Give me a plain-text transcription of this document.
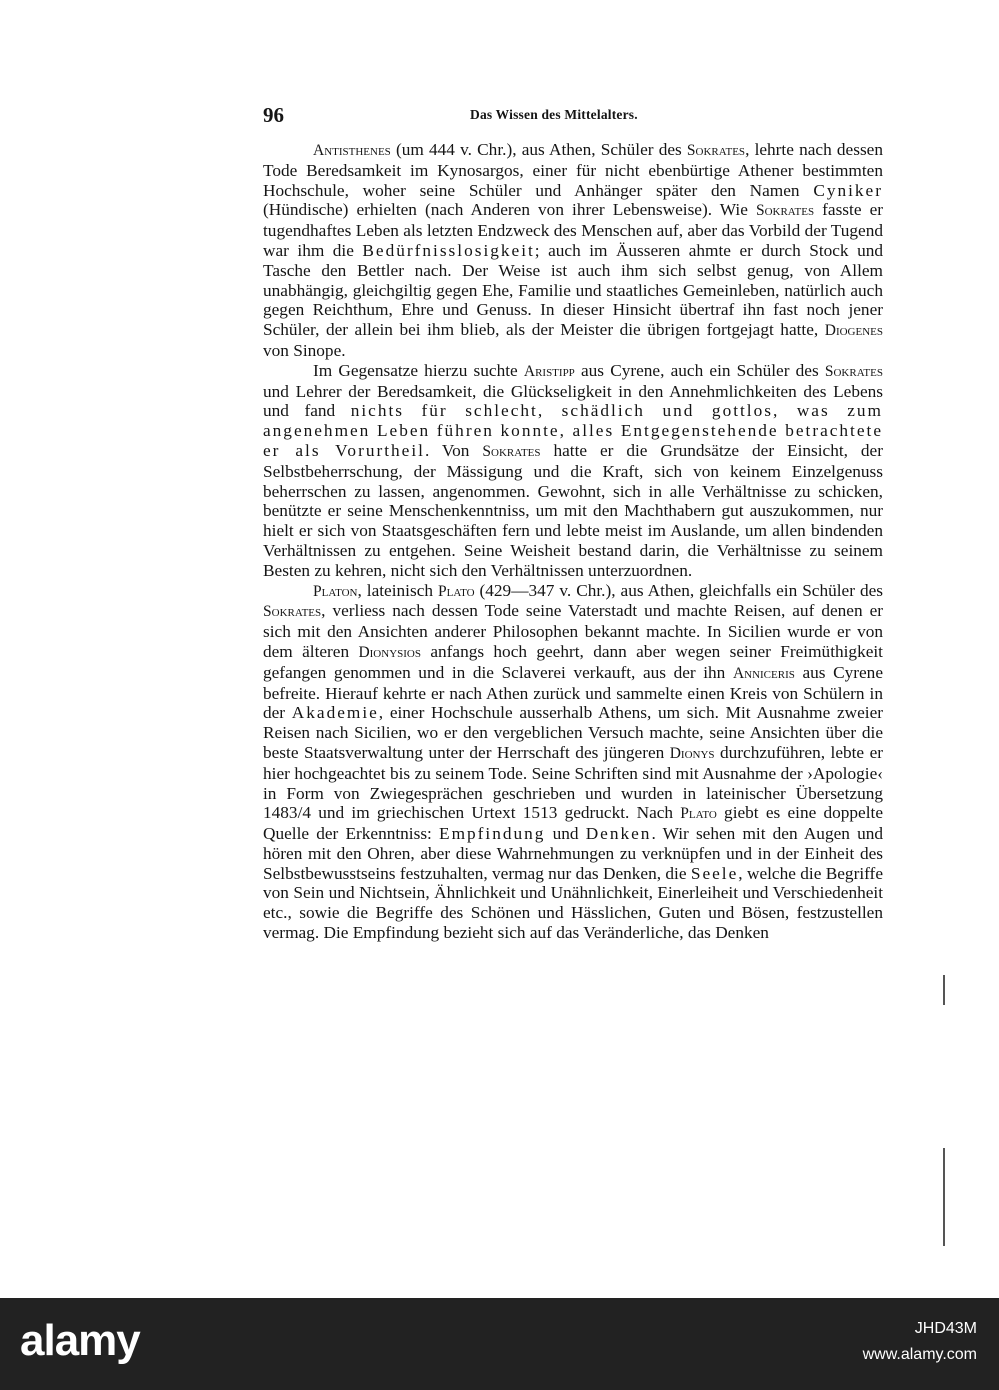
96	Das Wissen des Mittelalters.

Antisthenes (um 444 v. Chr.), aus Athen, Schüler des Sokrates, lehrte nach dessen Tode Beredsamkeit im Kynosargos, einer für nicht ebenbürtige Athener bestimmten Hochschule, woher seine Schüler und Anhänger später den Namen Cyniker (Hündische) erhielten (nach Anderen von ihrer Lebensweise). Wie Sokrates fasste er tugendhaftes Leben als letzten Endzweck des Menschen auf, aber das Vorbild der Tugend war ihm die Bedürfnisslosigkeit; auch im Äusseren ahmte er durch Stock und Tasche den Bettler nach. Der Weise ist auch ihm sich selbst genug, von Allem unabhängig, gleichgiltig gegen Ehe, Familie und staatliches Gemeinleben, natürlich auch gegen Reichthum, Ehre und Genuss. In dieser Hinsicht übertraf ihn fast noch jener Schüler, der allein bei ihm blieb, als der Meister die übrigen fortgejagt hatte, Diogenes von Sinope.

Im Gegensatze hierzu suchte Aristipp aus Cyrene, auch ein Schüler des Sokrates und Lehrer der Beredsamkeit, die Glückseligkeit in den Annehmlichkeiten des Lebens und fand nichts für schlecht, schädlich und gottlos, was zum angenehmen Leben führen konnte, alles Entgegenstehende betrachtete er als Vorurtheil. Von Sokrates hatte er die Grundsätze der Einsicht, der Selbstbeherrschung, der Mässigung und die Kraft, sich von keinem Einzelgenuss beherrschen zu lassen, angenommen. Gewohnt, sich in alle Verhältnisse zu schicken, benützte er seine Menschenkenntniss, um mit den Machthabern gut auszukommen, nur hielt er sich von Staatsgeschäften fern und lebte meist im Auslande, um allen bindenden Verhältnissen zu entgehen. Seine Weisheit bestand darin, die Verhältnisse zu seinem Besten zu kehren, nicht sich den Verhältnissen unterzuordnen.

Platon, lateinisch Plato (429—347 v. Chr.), aus Athen, gleichfalls ein Schüler des Sokrates, verliess nach dessen Tode seine Vaterstadt und machte Reisen, auf denen er sich mit den Ansichten anderer Philosophen bekannt machte. In Sicilien wurde er von dem älteren Dionysios anfangs hoch geehrt, dann aber wegen seiner Freimüthigkeit gefangen genommen und in die Sclaverei verkauft, aus der ihn Anniceris aus Cyrene befreite. Hierauf kehrte er nach Athen zurück und sammelte einen Kreis von Schülern in der Akademie, einer Hochschule ausserhalb Athens, um sich. Mit Ausnahme zweier Reisen nach Sicilien, wo er den vergeblichen Versuch machte, seine Ansichten über die beste Staatsverwaltung unter der Herrschaft des jüngeren Dionys durchzuführen, lebte er hier hochgeachtet bis zu seinem Tode. Seine Schriften sind mit Ausnahme der ›Apologie‹ in Form von Zwiegesprächen geschrieben und wurden in lateinischer Übersetzung 1483/4 und im griechischen Urtext 1513 gedruckt. Nach Plato giebt es eine doppelte Quelle der Erkenntniss: Empfindung und Denken. Wir sehen mit den Augen und hören mit den Ohren, aber diese Wahrnehmungen zu verknüpfen und in der Einheit des Selbstbewusstseins festzuhalten, vermag nur das Denken, die Seele, welche die Begriffe von Sein und Nichtsein, Ähnlichkeit und Unähnlichkeit, Einerleiheit und Verschiedenheit etc., sowie die Begriffe des Schönen und Hässlichen, Guten und Bösen, festzustellen vermag. Die Empfindung bezieht sich auf das Veränderliche, das Denken

alamy	JHD43M
www.alamy.com
